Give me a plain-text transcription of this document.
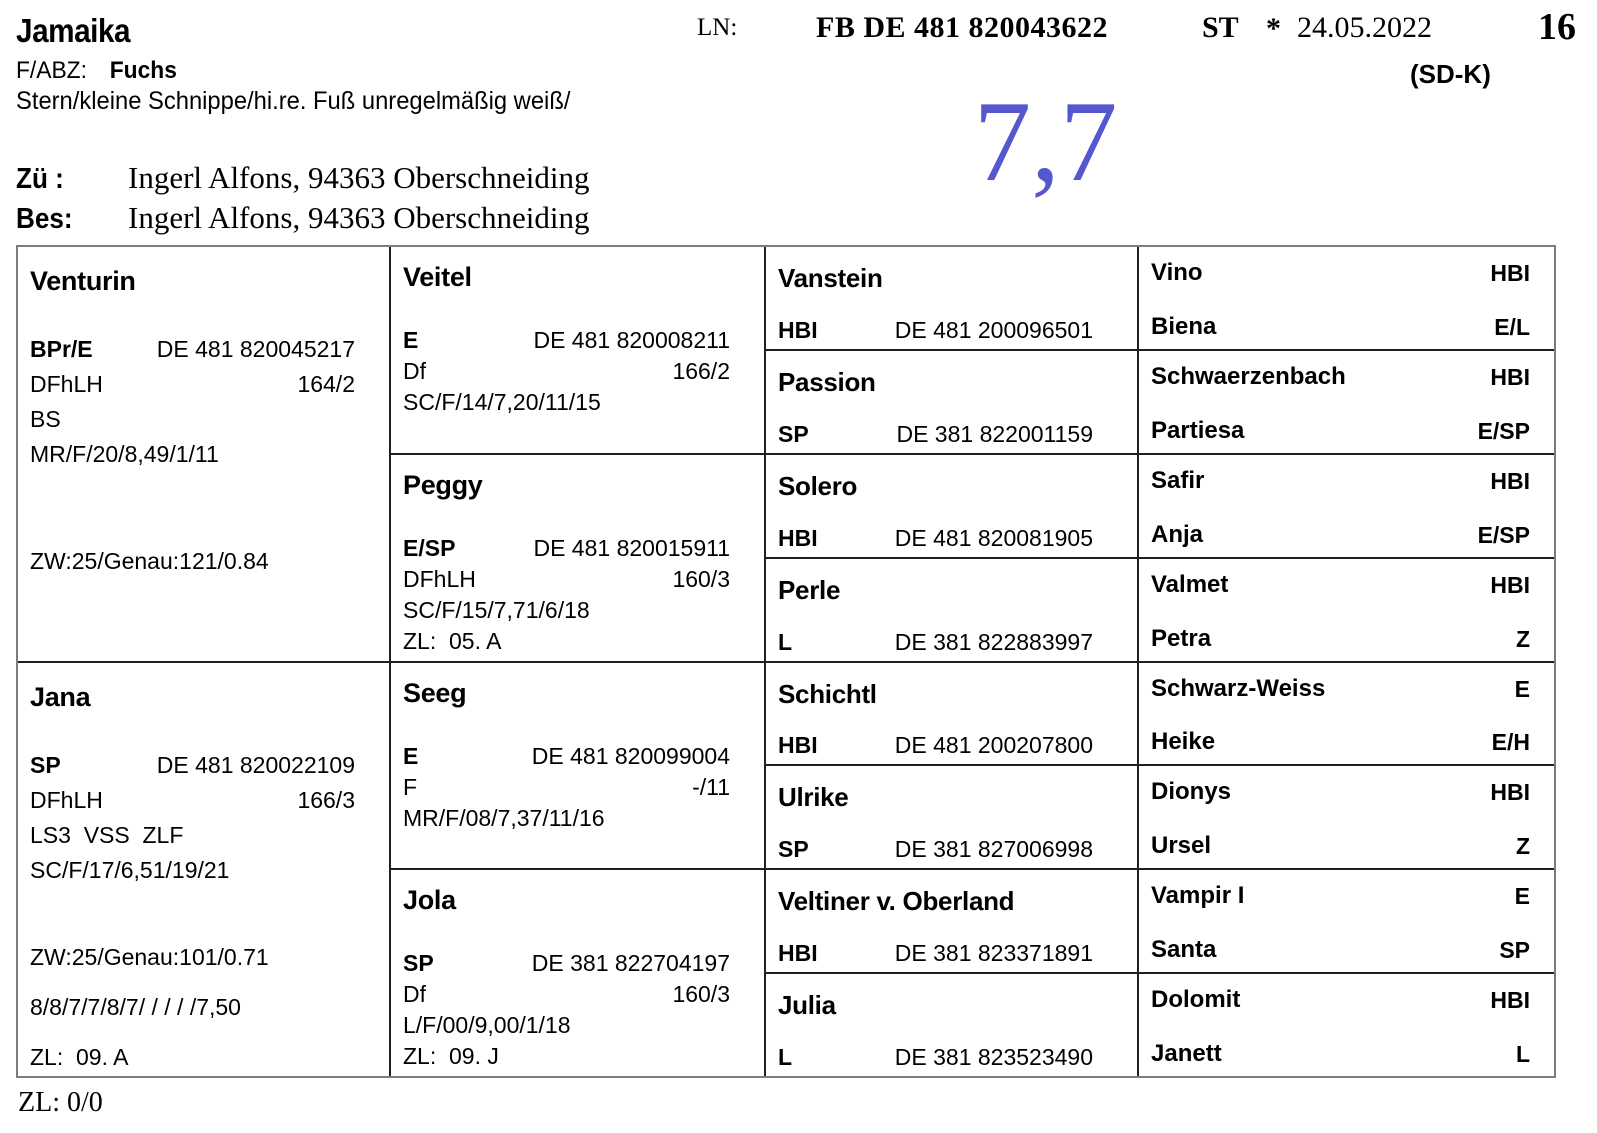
Jamaika
F/ABZ: Fuchs
Stern/kleine Schnippe/hi.re. Fuß unregelmäßig weiß/
LN:	FB DE 481 820043622	ST * 24.05.2022	16
(SD-K)
7,7
Zü : Ingerl Alfons, 94363 Oberschneiding
Bes: Ingerl Alfons, 94363 Oberschneiding
Venturin
BPr/E	DE 481 820045217
DFhLH	164/2
BS
MR/F/20/8,49/1/11
ZW:25/Genau:121/0.84
Jana
SP	DE 481 820022109
DFhLH	166/3
LS3  VSS  ZLF
SC/F/17/6,51/19/21
ZW:25/Genau:101/0.71
8/8/7/7/8/7/ / / / /7,50
ZL:  09. A
Veitel
E	DE 481 820008211
Df	166/2
SC/F/14/7,20/11/15
Peggy
E/SP	DE 481 820015911
DFhLH	160/3
SC/F/15/7,71/6/18
ZL:  05. A
Seeg
E	DE 481 820099004
F	-/11
MR/F/08/7,37/11/16
Jola
SP	DE 381 822704197
Df	160/3
L/F/00/9,00/1/18
ZL:  09. J
Vanstein
HBI	DE 481 200096501
Passion
SP	DE 381 822001159
Solero
HBI	DE 481 820081905
Perle
L	DE 381 822883997
Schichtl
HBI	DE 481 200207800
Ulrike
SP	DE 381 827006998
Veltiner v. Oberland
HBI	DE 381 823371891
Julia
L	DE 381 823523490
Vino	HBI
Biena	E/L
Schwaerzenbach	HBI
Partiesa	E/SP
Safir	HBI
Anja	E/SP
Valmet	HBI
Petra	Z
Schwarz-Weiss	E
Heike	E/H
Dionys	HBI
Ursel	Z
Vampir I	E
Santa	SP
Dolomit	HBI
Janett	L
ZL: 0/0
